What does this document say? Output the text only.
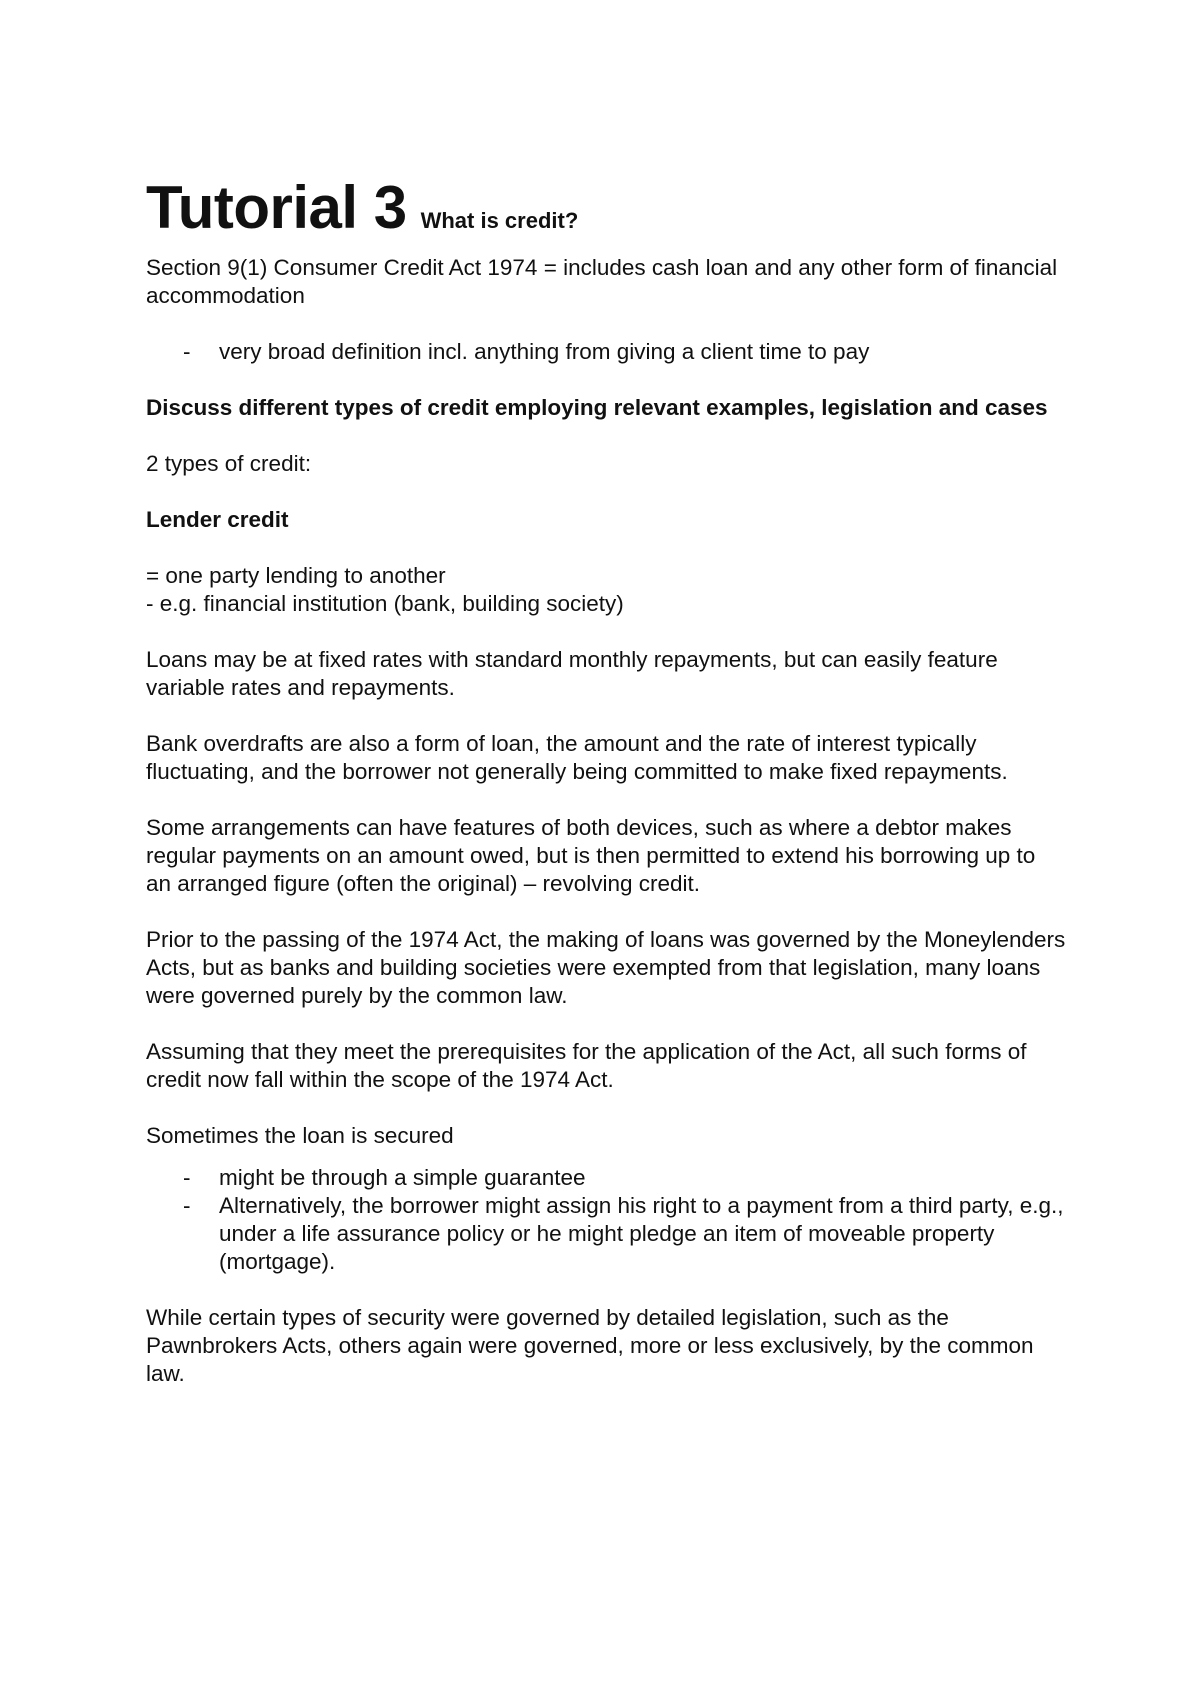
Tutorial 3 What is credit?

Section 9(1) Consumer Credit Act 1974 = includes cash loan and any other form of financial accommodation

- very broad definition incl. anything from giving a client time to pay

Discuss different types of credit employing relevant examples, legislation and cases

2 types of credit:

Lender credit

= one party lending to another
- e.g. financial institution (bank, building society)

Loans may be at fixed rates with standard monthly repayments, but can easily feature variable rates and repayments.

Bank overdrafts are also a form of loan, the amount and the rate of interest typically fluctuating, and the borrower not generally being committed to make fixed repayments.

Some arrangements can have features of both devices, such as where a debtor makes regular payments on an amount owed, but is then permitted to extend his borrowing up to an arranged figure (often the original) – revolving credit.

Prior to the passing of the 1974 Act, the making of loans was governed by the Moneylenders Acts, but as banks and building societies were exempted from that legislation, many loans were governed purely by the common law.

Assuming that they meet the prerequisites for the application of the Act, all such forms of credit now fall within the scope of the 1974 Act.

Sometimes the loan is secured

- might be through a simple guarantee
- Alternatively, the borrower might assign his right to a payment from a third party, e.g., under a life assurance policy or he might pledge an item of moveable property (mortgage).

While certain types of security were governed by detailed legislation, such as the Pawnbrokers Acts, others again were governed, more or less exclusively, by the common law.
